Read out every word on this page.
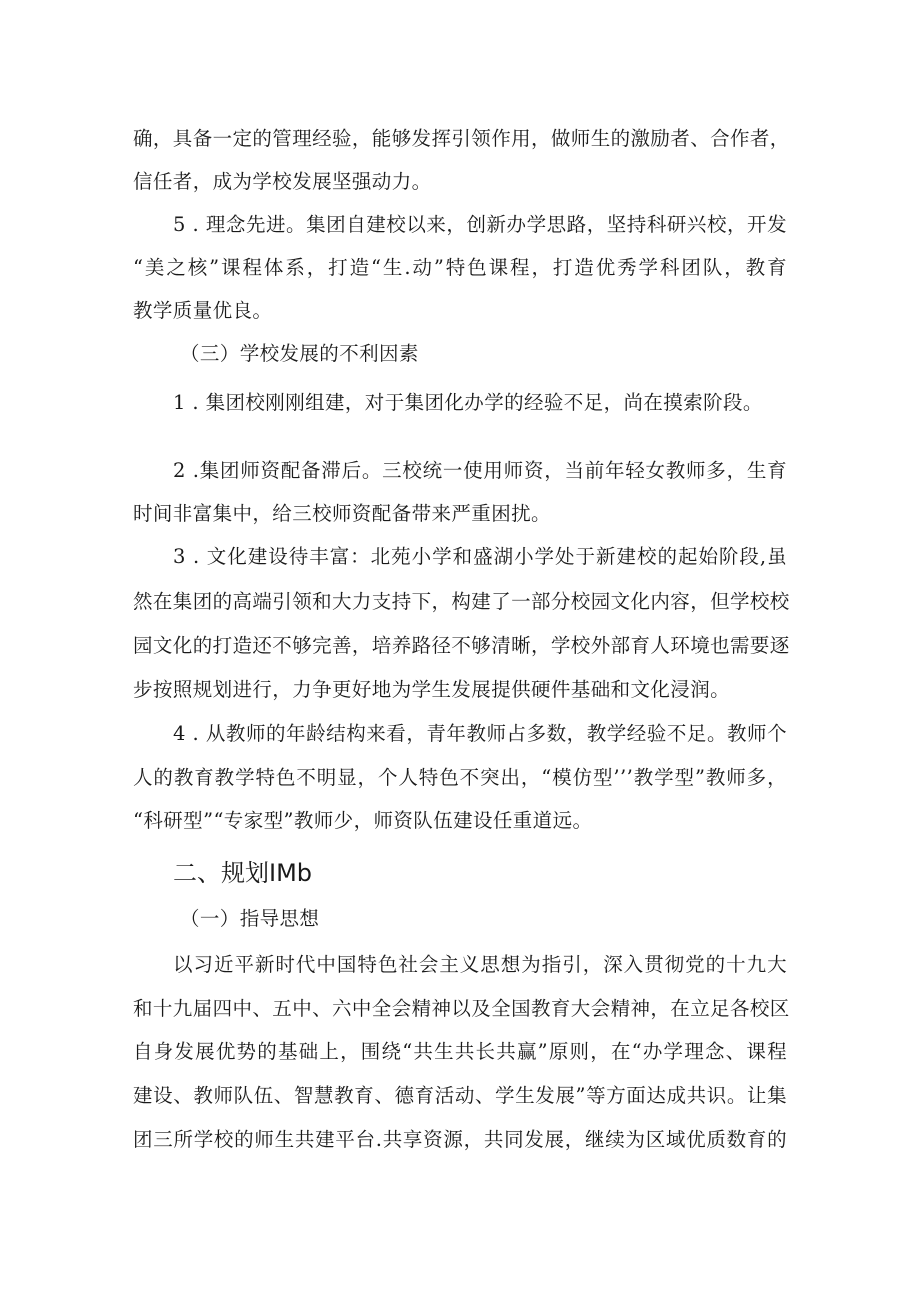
确，具备一定的管理经验，能够发挥引领作用，做师生的激励者、合作者，
信任者，成为学校发展坚强动力。
5 . 理念先进。集团自建校以来，创新办学思路，坚持科研兴校，开发
“美之核”课程体系，打造“生.动”特色课程，打造优秀学科团队，教育
教学质量优良。
（三）学校发展的不利因素
1 . 集团校刚刚组建，对于集团化办学的经验不足，尚在摸索阶段。
2 .集团师资配备滞后。三校统一使用师资，当前年轻女教师多，生育
时间非富集中，给三校师资配备带来严重困扰。
3 . 文化建设待丰富：北苑小学和盛湖小学处于新建校的起始阶段,虽
然在集团的高端引领和大力支持下，构建了一部分校园文化内容，但学校校
园文化的打造还不够完善，培养路径不够清晰，学校外部育人环境也需要逐
步按照规划进行，力争更好地为学生发展提供硬件基础和文化浸润。
4 . 从教师的年龄结构来看，青年教师占多数，教学经验不足。教师个
人的教育教学特色不明显，个人特色不突出，“模仿型’’’教学型”教师多，
“科研型”“专家型”教师少，师资队伍建设任重道远。
二、规划ⅠMb
（一）指导思想
以习近平新时代中国特色社会主义思想为指引，深入贯彻党的十九大
和十九届四中、五中、六中全会精神以及全国教育大会精神，在立足各校区
自身发展优势的基础上，围绕“共生共长共赢”原则，在“办学理念、课程
建设、教师队伍、智慧教育、德育活动、学生发展”等方面达成共识。让集
团三所学校的师生共建平台.共享资源，共同发展，继续为区域优质数育的
